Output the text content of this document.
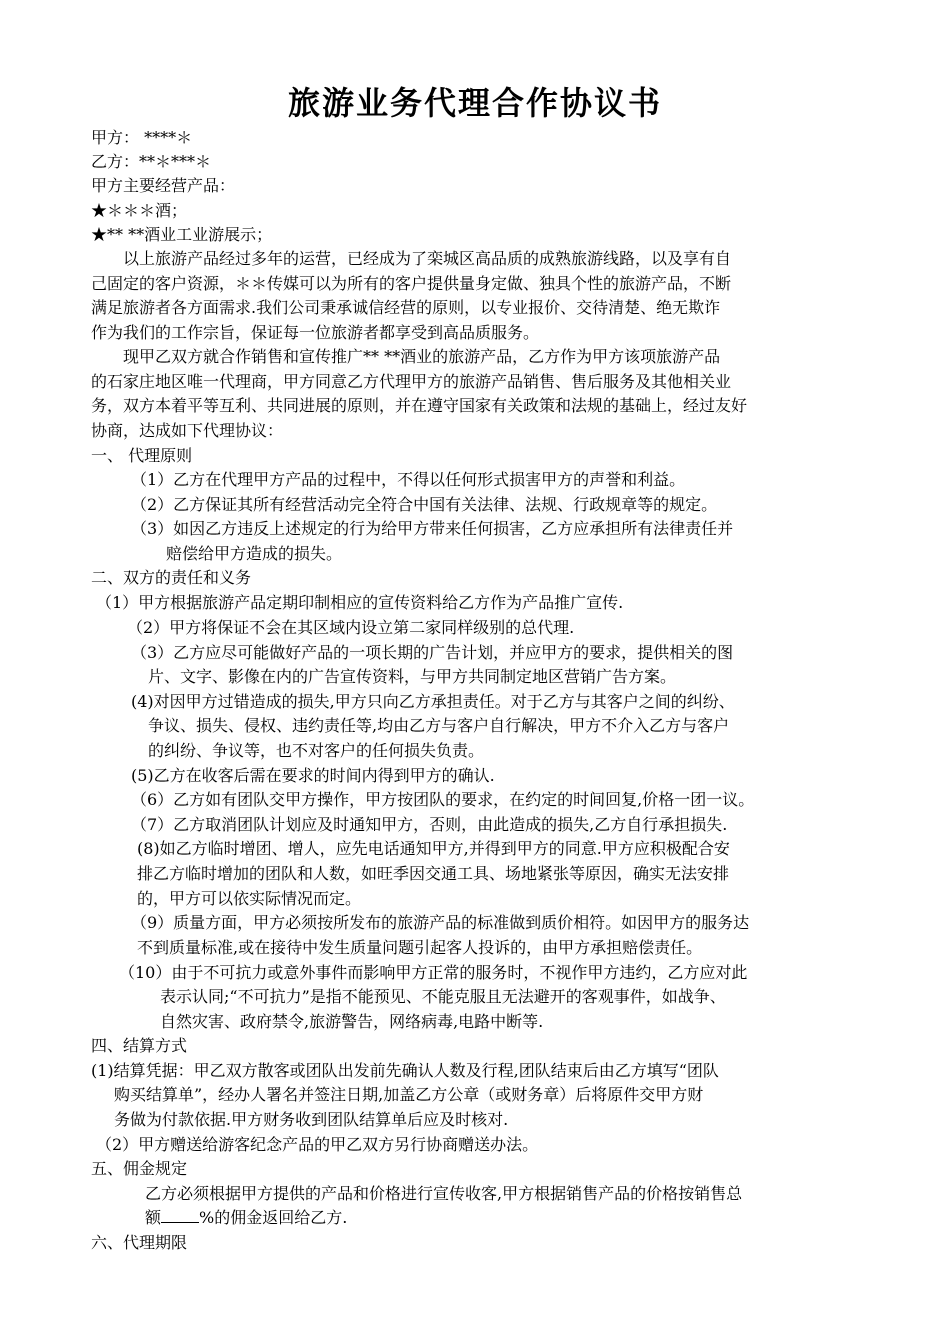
旅游业务代理合作协议书
甲方： ****＊
乙方：**＊***＊
甲方主要经营产品：
★＊＊＊酒；
★** **酒业工业游展示；
以上旅游产品经过多年的运营，已经成为了栾城区高品质的成熟旅游线路，以及享有自
己固定的客户资源，＊＊传媒可以为所有的客户提供量身定做、独具个性的旅游产品，不断
满足旅游者各方面需求.我们公司秉承诚信经营的原则，以专业报价、交待清楚、绝无欺诈
作为我们的工作宗旨，保证每一位旅游者都享受到高品质服务。
现甲乙双方就合作销售和宣传推广** **酒业的旅游产品，乙方作为甲方该项旅游产品
的石家庄地区唯一代理商，甲方同意乙方代理甲方的旅游产品销售、售后服务及其他相关业
务，双方本着平等互利、共同进展的原则，并在遵守国家有关政策和法规的基础上，经过友好
协商，达成如下代理协议：
一、 代理原则
（1）乙方在代理甲方产品的过程中，不得以任何形式损害甲方的声誉和利益。
（2）乙方保证其所有经营活动完全符合中国有关法律、法规、行政规章等的规定。
（3）如因乙方违反上述规定的行为给甲方带来任何损害，乙方应承担所有法律责任并
赔偿给甲方造成的损失。
二、双方的责任和义务
（1）甲方根据旅游产品定期印制相应的宣传资料给乙方作为产品推广宣传.
（2）甲方将保证不会在其区域内设立第二家同样级别的总代理.
（3）乙方应尽可能做好产品的一项长期的广告计划，并应甲方的要求，提供相关的图
片、文字、影像在内的广告宣传资料，与甲方共同制定地区营销广告方案。
(4)对因甲方过错造成的损失,甲方只向乙方承担责任。对于乙方与其客户之间的纠纷、
争议、损失、侵权、违约责任等,均由乙方与客户自行解决，甲方不介入乙方与客户
的纠纷、争议等，也不对客户的任何损失负责。
(5)乙方在收客后需在要求的时间内得到甲方的确认.
（6）乙方如有团队交甲方操作，甲方按团队的要求，在约定的时间回复,价格一团一议。
（7）乙方取消团队计划应及时通知甲方，否则，由此造成的损失,乙方自行承担损失.
(8)如乙方临时增团、增人，应先电话通知甲方,并得到甲方的同意.甲方应积极配合安
排乙方临时增加的团队和人数，如旺季因交通工具、场地紧张等原因，确实无法安排
的，甲方可以依实际情况而定。
（9）质量方面，甲方必须按所发布的旅游产品的标准做到质价相符。如因甲方的服务达
不到质量标准,或在接待中发生质量问题引起客人投诉的，由甲方承担赔偿责任。
（10）由于不可抗力或意外事件而影响甲方正常的服务时，不视作甲方违约，乙方应对此
表示认同;“不可抗力”是指不能预见、不能克服且无法避开的客观事件，如战争、
自然灾害、政府禁令,旅游警告，网络病毒,电路中断等.
四、结算方式
(1)结算凭据：甲乙双方散客或团队出发前先确认人数及行程,团队结束后由乙方填写“团队
购买结算单”，经办人署名并签注日期,加盖乙方公章（或财务章）后将原件交甲方财
务做为付款依据.甲方财务收到团队结算单后应及时核对.
（2）甲方赠送给游客纪念产品的甲乙双方另行协商赠送办法。
五、佣金规定
乙方必须根据甲方提供的产品和价格进行宣传收客,甲方根据销售产品的价格按销售总
额 %的佣金返回给乙方.
六、代理期限
